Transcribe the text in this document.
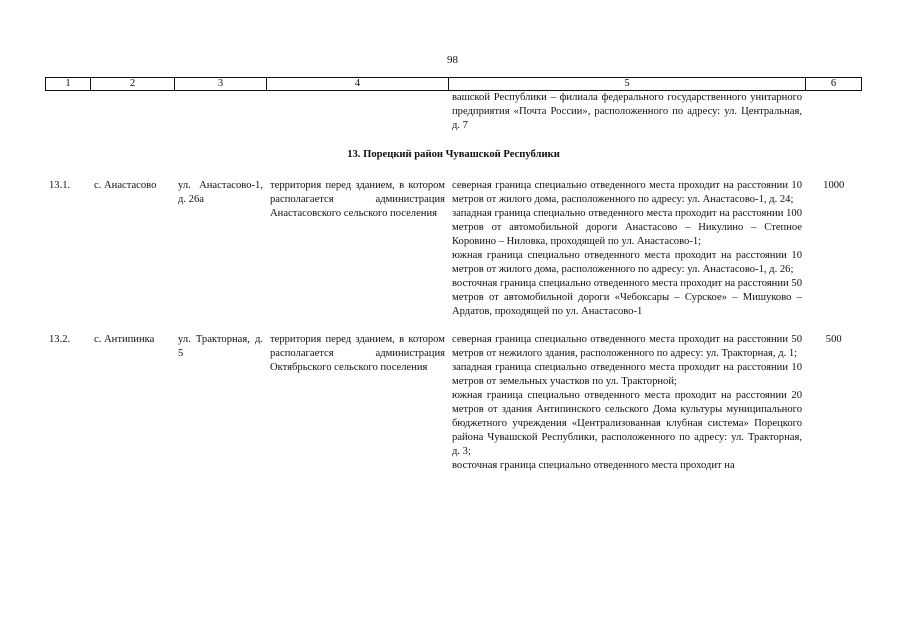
98
1	2	3	4	5	6
				вашской Республики – филиала федерального государственного унитарного предприятия «Почта России», расположенного по адресу: ул. Центральная, д. 7	
13. Порецкий район Чувашской Республики					
13.1.	с. Анастасово	ул. Анастасово-1, д. 26а	территория перед зданием, в котором располагается администрация Анастасовского сельского поселения	северная граница специально отведенного места проходит на расстоянии 10 метров от жилого дома, расположенного по адресу: ул. Анастасово-1, д. 24;
западная граница специально отведенного места проходит на расстоянии 100 метров от автомобильной дороги Анастасово – Никулино – Степное Коровино – Ниловка, проходящей по ул. Анастасово-1;
южная граница специально отведенного места проходит на расстоянии 10 метров от жилого дома, расположенного по адресу: ул. Анастасово-1, д. 26;
восточная граница специально отведенного места проходит на расстоянии 50 метров от автомобильной дороги «Чебоксары – Сурское» – Мишуково – Ардатов, проходящей по ул. Анастасово-1	1000
13.2.	с. Антипинка	ул. Тракторная, д. 5	территория перед зданием, в котором располагается администрация Октябрьского сельского поселения	северная граница специально отведенного места проходит на расстоянии 50 метров от нежилого здания, расположенного по адресу: ул. Тракторная, д. 1;
западная граница специально отведенного места проходит на расстоянии 10 метров от земельных участков по ул. Тракторной;
южная граница специально отведенного места проходит на расстоянии 20 метров от здания Антипинского сельского Дома культуры муниципального бюджетного учреждения «Централизованная клубная система» Порецкого района Чувашской Республики, расположенного по адресу: ул. Тракторная, д. 3;
восточная граница специально отведенного места проходит на	500
